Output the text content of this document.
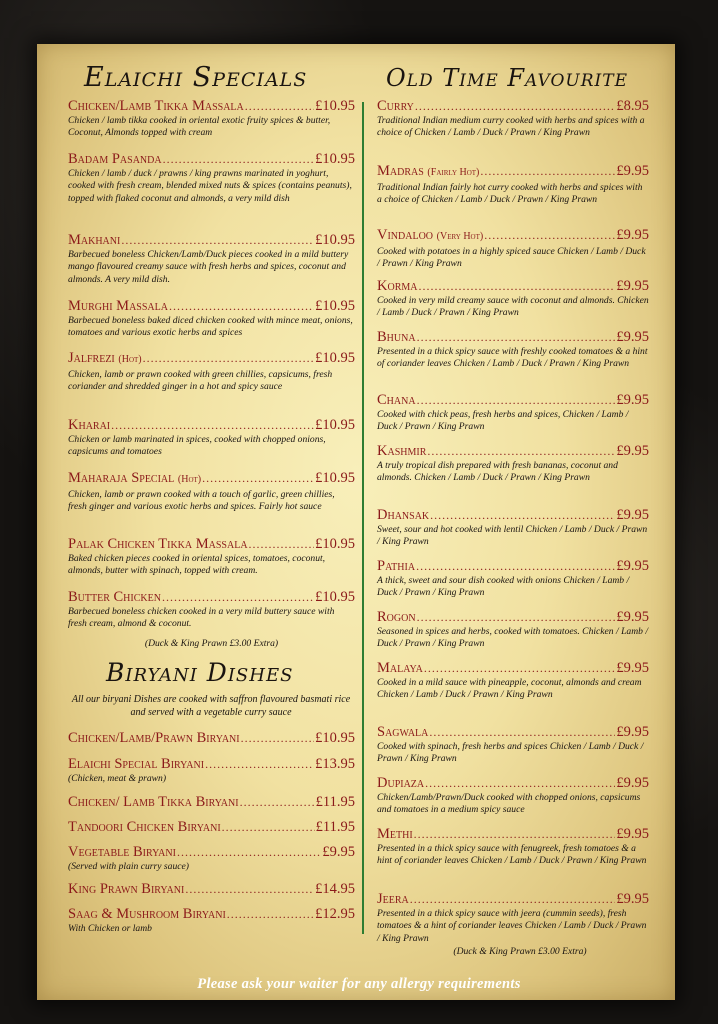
Elaichi Specials	Old Time Favourite
Biryani Dishes
Chicken/Lamb Tikka Massala .....	£10.95
Chicken / lamb tikka cooked in oriental exotic fruity spices & butter, Coconut, Almonds topped with cream
Badam Pasanda .....	£10.95
Chicken / lamb / duck / prawns / king prawns marinated in yoghurt, cooked with fresh cream, blended mixed nuts & spices (contains peanuts), topped with flaked coconut and almonds, a very mild dish
Makhani .....	£10.95
Barbecued boneless Chicken/Lamb/Duck pieces cooked in a mild buttery mango flavoured creamy sauce with fresh herbs and spices, coconut and almonds. A very mild dish.
Murghi Massala .....	£10.95
Barbecued boneless baked diced chicken cooked with mince meat, onions, tomatoes and various exotic herbs and spices
Jalfrezi (Hot) .....	£10.95
Chicken, lamb or prawn cooked with green chillies, capsicums, fresh coriander and shredded ginger in a hot and spicy sauce
Kharai .....	£10.95
Chicken or lamb marinated in spices, cooked with chopped onions, capsicums and tomatoes
Maharaja Special (Hot) .....	£10.95
Chicken, lamb or prawn cooked with a touch of garlic, green chillies, fresh ginger and various exotic herbs and spices. Fairly hot sauce
Palak Chicken Tikka Massala .....	£10.95
Baked chicken pieces cooked in oriental spices, tomatoes, coconut, almonds, butter with spinach, topped with cream.
Butter Chicken .....	£10.95
Barbecued boneless chicken cooked in a very mild buttery sauce with fresh cream, almond & coconut.
(Duck & King Prawn £3.00 Extra)
All our biryani Dishes are cooked with saffron flavoured basmati rice and served with a vegetable curry sauce
Chicken/Lamb/Prawn Biryani .....	£10.95
Elaichi Special Biryani .....	£13.95
(Chicken, meat & prawn)
Chicken/ Lamb Tikka Biryani .....	£11.95
Tandoori Chicken Biryani .....	£11.95
Vegetable Biryani .....	£9.95
(Served with plain curry sauce)
King Prawn Biryani .....	£14.95
Saag & Mushroom Biryani .....	£12.95
With Chicken or lamb
Curry .....	£8.95
Traditional Indian medium curry cooked with herbs and spices with a choice of Chicken / Lamb / Duck / Prawn / King Prawn
Madras (Fairly Hot) .....	£9.95
Traditional Indian fairly hot curry cooked with herbs and spices with a choice of Chicken / Lamb / Duck / Prawn / King Prawn
Vindaloo (Very Hot) .....	£9.95
Cooked with potatoes in a highly spiced sauce Chicken / Lamb / Duck / Prawn / King Prawn
Korma .....	£9.95
Cooked in very mild creamy sauce with coconut and almonds. Chicken / Lamb / Duck / Prawn / King Prawn
Bhuna .....	£9.95
Presented in a thick spicy sauce with freshly cooked tomatoes & a hint of coriander leaves Chicken / Lamb / Duck / Prawn / King Prawn
Chana .....	£9.95
Cooked with chick peas, fresh herbs and spices, Chicken / Lamb / Duck / Prawn / King Prawn
Kashmir .....	£9.95
A truly tropical dish prepared with fresh bananas, coconut and almonds. Chicken / Lamb / Duck / Prawn / King Prawn
Dhansak .....	£9.95
Sweet, sour and hot cooked with lentil Chicken / Lamb / Duck / Prawn / King Prawn
Pathia .....	£9.95
A thick, sweet and sour dish cooked with onions Chicken / Lamb / Duck / Prawn / King Prawn
Rogon .....	£9.95
Seasoned in spices and herbs, cooked with tomatoes. Chicken / Lamb / Duck / Prawn / King Prawn
Malaya .....	£9.95
Cooked in a mild sauce with pineapple, coconut, almonds and cream Chicken / Lamb / Duck / Prawn / King Prawn
Sagwala .....	£9.95
Cooked with spinach, fresh herbs and spices Chicken / Lamb / Duck / Prawn / King Prawn
Dupiaza .....	£9.95
Chicken/Lamb/Prawn/Duck cooked with chopped onions, capsicums and tomatoes in a medium spicy sauce
Methi .....	£9.95
Presented in a thick spicy sauce with fenugreek, fresh tomatoes & a hint of coriander leaves Chicken / Lamb / Duck / Prawn / King Prawn
Jeera .....	£9.95
Presented in a thick spicy sauce with jeera (cummin seeds), fresh tomatoes & a hint of coriander leaves Chicken / Lamb / Duck / Prawn / King Prawn
(Duck & King Prawn £3.00 Extra)
Please ask your waiter for any allergy requirements
